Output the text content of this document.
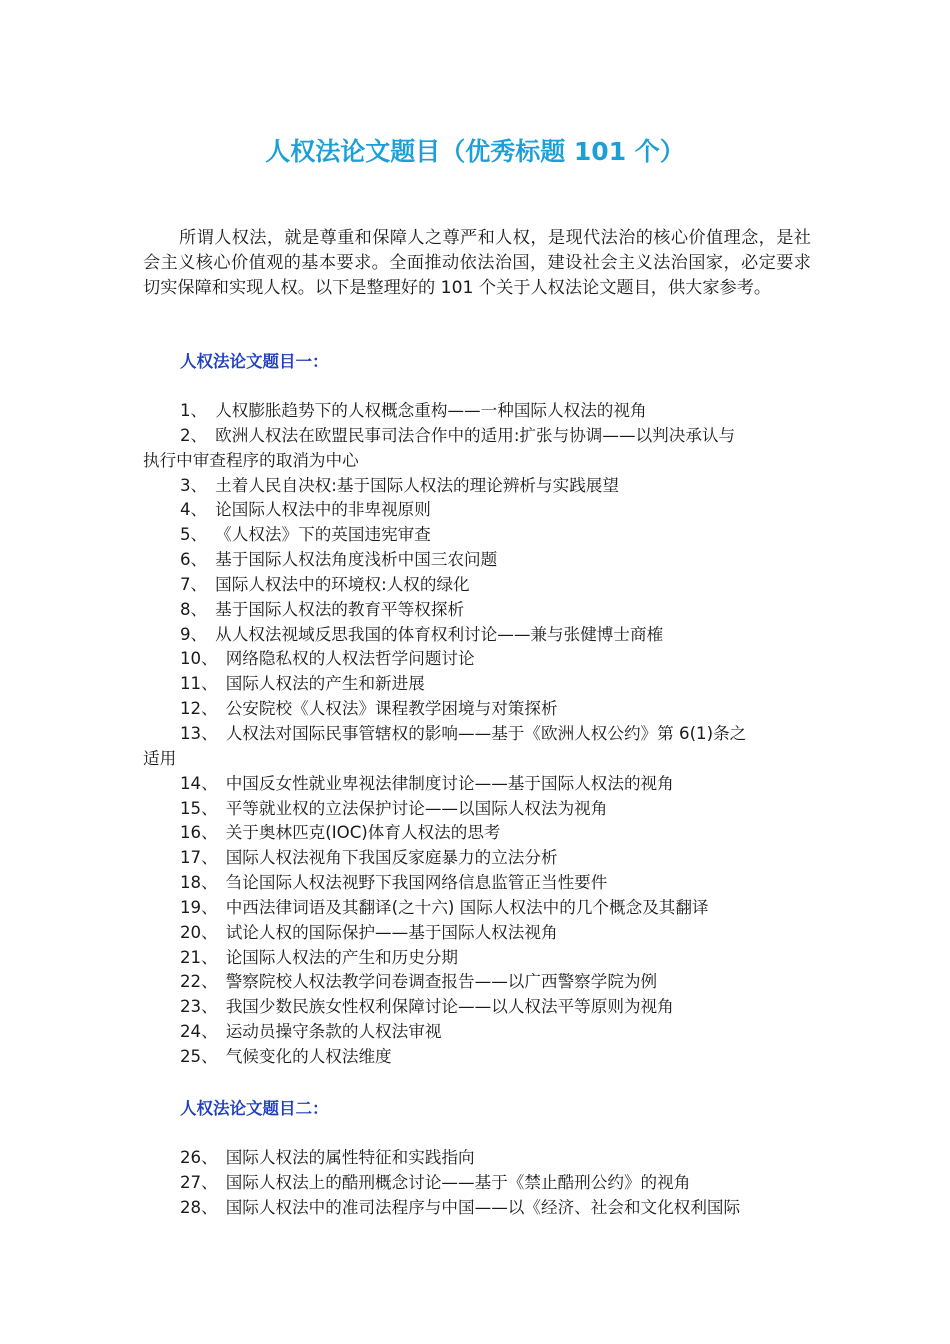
人权法论文题目（优秀标题 101 个）

所谓人权法，就是尊重和保障人之尊严和人权，是现代法治的核心价值理念，是社会主义核心价值观的基本要求。全面推动依法治国，建设社会主义法治国家，必定要求切实保障和实现人权。以下是整理好的 101 个关于人权法论文题目，供大家参考。

人权法论文题目一：
1、 人权膨胀趋势下的人权概念重构——一种国际人权法的视角
2、 欧洲人权法在欧盟民事司法合作中的适用:扩张与协调——以判决承认与
执行中审查程序的取消为中心
3、 土着人民自决权:基于国际人权法的理论辨析与实践展望
4、 论国际人权法中的非卑视原则
5、 《人权法》下的英国违宪审查
6、 基于国际人权法角度浅析中国三农问题
7、 国际人权法中的环境权:人权的绿化
8、 基于国际人权法的教育平等权探析
9、 从人权法视域反思我国的体育权利讨论——兼与张健博士商榷
10、 网络隐私权的人权法哲学问题讨论
11、 国际人权法的产生和新进展
12、 公安院校《人权法》课程教学困境与对策探析
13、 人权法对国际民事管辖权的影响——基于《欧洲人权公约》第 6(1)条之
适用
14、 中国反女性就业卑视法律制度讨论——基于国际人权法的视角
15、 平等就业权的立法保护讨论——以国际人权法为视角
16、 关于奥林匹克(IOC)体育人权法的思考
17、 国际人权法视角下我国反家庭暴力的立法分析
18、 刍论国际人权法视野下我国网络信息监管正当性要件
19、 中西法律词语及其翻译(之十六) 国际人权法中的几个概念及其翻译
20、 试论人权的国际保护——基于国际人权法视角
21、 论国际人权法的产生和历史分期
22、 警察院校人权法教学问卷调查报告——以广西警察学院为例
23、 我国少数民族女性权利保障讨论——以人权法平等原则为视角
24、 运动员操守条款的人权法审视
25、 气候变化的人权法维度
人权法论文题目二：
26、 国际人权法的属性特征和实践指向
27、 国际人权法上的酷刑概念讨论——基于《禁止酷刑公约》的视角
28、 国际人权法中的准司法程序与中国——以《经济、社会和文化权利国际
